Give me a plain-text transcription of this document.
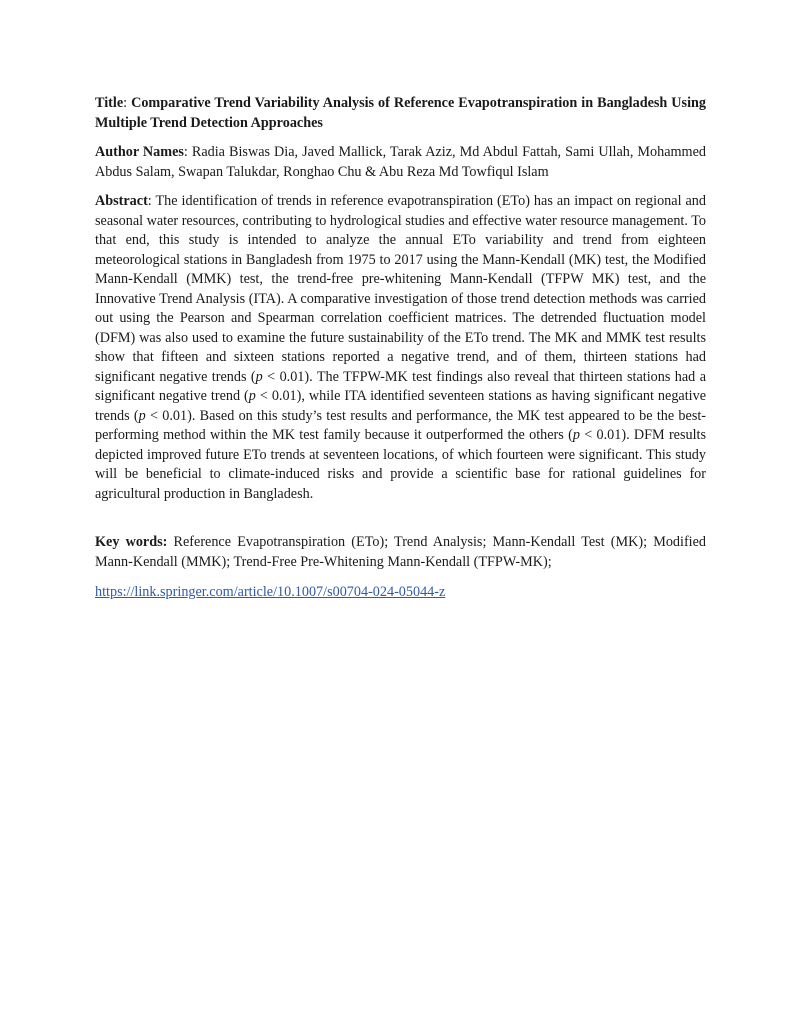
Title: Comparative Trend Variability Analysis of Reference Evapotranspiration in Bangladesh Using Multiple Trend Detection Approaches

Author Names: Radia Biswas Dia, Javed Mallick, Tarak Aziz, Md Abdul Fattah, Sami Ullah, Mohammed Abdus Salam, Swapan Talukdar, Ronghao Chu & Abu Reza Md Towfiqul Islam

Abstract: The identification of trends in reference evapotranspiration (ETo) has an impact on regional and seasonal water resources, contributing to hydrological studies and effective water resource management. To that end, this study is intended to analyze the annual ETo variability and trend from eighteen meteorological stations in Bangladesh from 1975 to 2017 using the Mann-Kendall (MK) test, the Modified Mann-Kendall (MMK) test, the trend-free pre-whitening Mann-Kendall (TFPW MK) test, and the Innovative Trend Analysis (ITA). A comparative investigation of those trend detection methods was carried out using the Pearson and Spearman correlation coefficient matrices. The detrended fluctuation model (DFM) was also used to examine the future sustainability of the ETo trend. The MK and MMK test results show that fifteen and sixteen stations reported a negative trend, and of them, thirteen stations had significant negative trends (p < 0.01). The TFPW-MK test findings also reveal that thirteen stations had a significant negative trend (p < 0.01), while ITA identified seventeen stations as having significant negative trends (p < 0.01). Based on this study’s test results and performance, the MK test appeared to be the best-performing method within the MK test family because it outperformed the others (p < 0.01). DFM results depicted improved future ETo trends at seventeen locations, of which fourteen were significant. This study will be beneficial to climate-induced risks and provide a scientific base for rational guidelines for agricultural production in Bangladesh.

Key words: Reference Evapotranspiration (ETo); Trend Analysis; Mann-Kendall Test (MK); Modified Mann-Kendall (MMK); Trend-Free Pre-Whitening Mann-Kendall (TFPW-MK);

https://link.springer.com/article/10.1007/s00704-024-05044-z
